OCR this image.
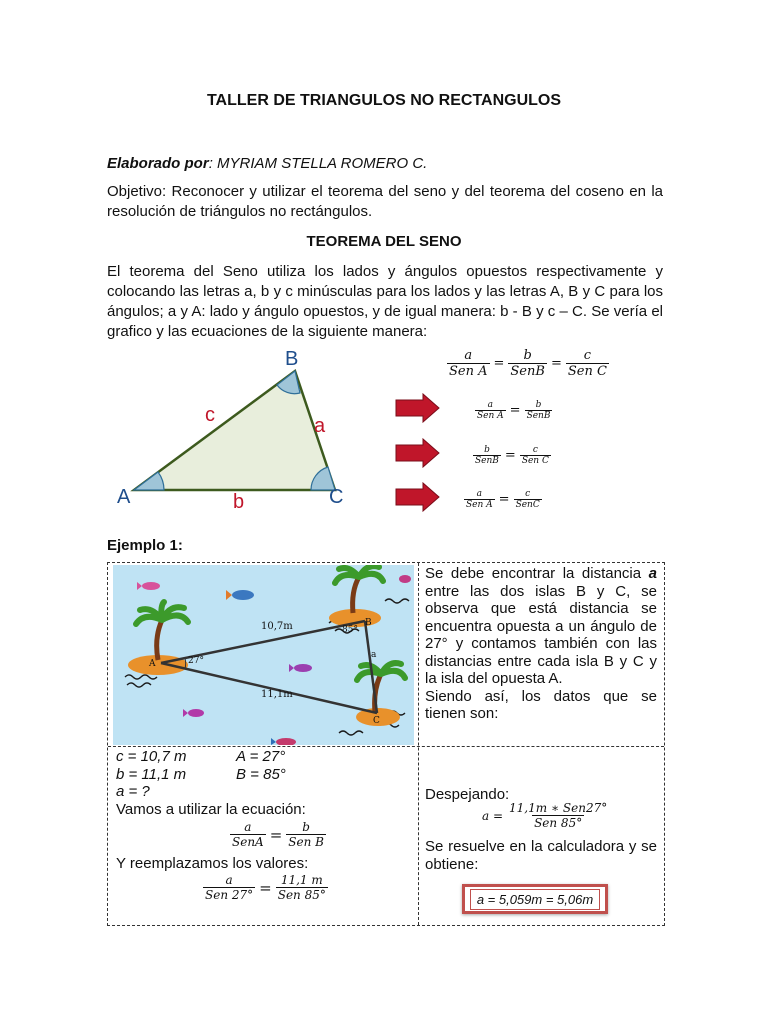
TALLER DE TRIANGULOS NO RECTANGULOS
Elaborado por: MYRIAM STELLA ROMERO C.
Objetivo: Reconocer y utilizar el teorema del seno y del teorema del coseno en la resolución de triángulos no rectángulos.
TEOREMA DEL SENO
El teorema del Seno utiliza los lados y ángulos opuestos respectivamente y colocando las letras a, b y c minúsculas para los lados y las letras A, B y C para los ángulos; a y A: lado y ángulo opuestos, y de igual manera: b - B y c – C. Se vería el grafico y las ecuaciones de la siguiente manera:
B
A	C
c	a
b
$\frac{a}{\text{Sen A}} = \frac{b}{\text{SenB}} = \frac{c}{\text{Sen C}}$
$\frac{a}{\text{Sen A}} = \frac{b}{\text{SenB}}$
$\frac{b}{\text{SenB}} = \frac{c}{\text{Sen C}}$
$\frac{a}{\text{Sen A}} = \frac{c}{\text{SenC}}$
Ejemplo 1:
10,7m
11,1m
27°
85°
A
B
C
a
Se debe encontrar la distancia a entre las dos islas B y C, se observa que está distancia se encuentra opuesta a un ángulo de 27° y contamos también con las distancias entre cada isla B y C y la isla del opuesta A.
Siendo así, los datos que se tienen son:
c = 10,7 m	A = 27°
b = 11,1 m	B = 85°
a = ?
Vamos a utilizar la ecuación:
$\frac{a}{\text{SenA}} = \frac{b}{\text{Sen B}}$
Y reemplazamos los valores:
$\frac{a}{\text{Sen 27°}} = \frac{11,1 m}{\text{Sen 85°}}$
Despejando:
$a = \frac{\text{11,1m ∗ Sen27°}}{\text{Sen 85°}}$
Se resuelve en la calculadora y se obtiene:
a = 5,059m = 5,06m
